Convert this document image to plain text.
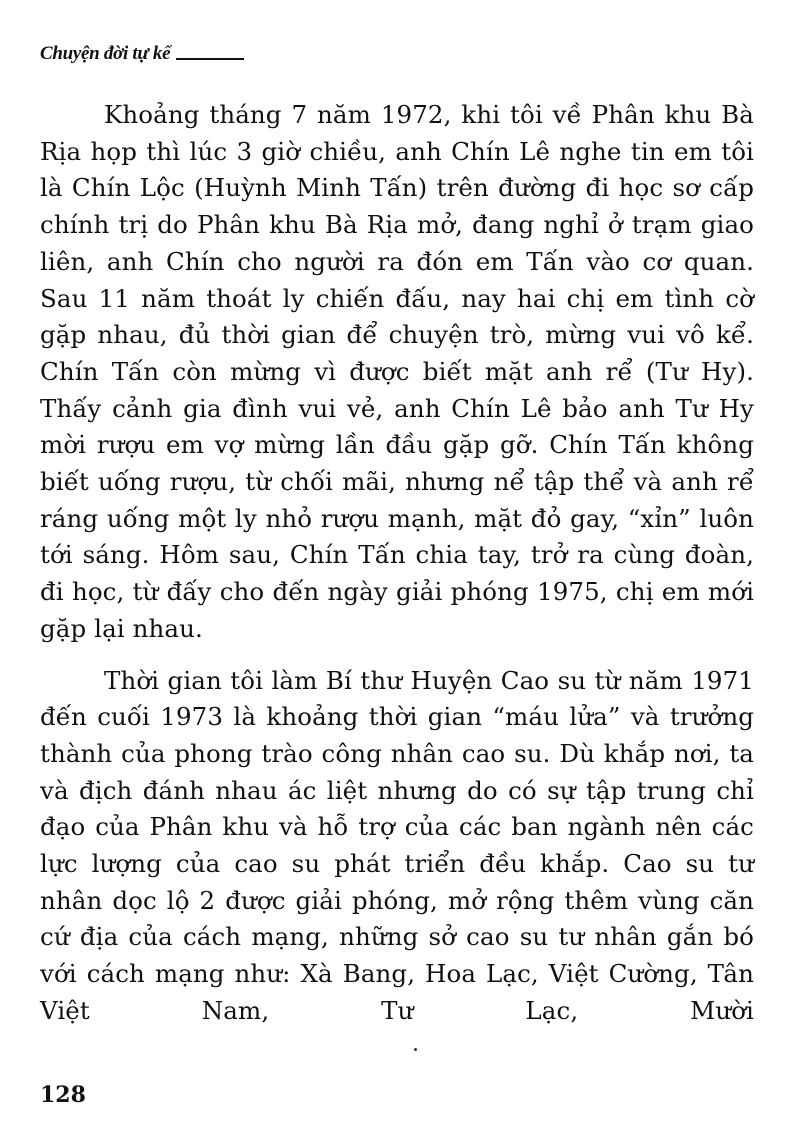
Chuyện đời tự kể

Khoảng tháng 7 năm 1972, khi tôi về Phân khu Bà Rịa họp thì lúc 3 giờ chiều, anh Chín Lê nghe tin em tôi là Chín Lộc (Huỳnh Minh Tấn) trên đường đi học sơ cấp chính trị do Phân khu Bà Rịa mở, đang nghỉ ở trạm giao liên, anh Chín cho người ra đón em Tấn vào cơ quan. Sau 11 năm thoát ly chiến đấu, nay hai chị em tình cờ gặp nhau, đủ thời gian để chuyện trò, mừng vui vô kể. Chín Tấn còn mừng vì được biết mặt anh rể (Tư Hy). Thấy cảnh gia đình vui vẻ, anh Chín Lê bảo anh Tư Hy mời rượu em vợ mừng lần đầu gặp gỡ. Chín Tấn không biết uống rượu, từ chối mãi, nhưng nể tập thể và anh rể ráng uống một ly nhỏ rượu mạnh, mặt đỏ gay, “xỉn” luôn tới sáng. Hôm sau, Chín Tấn chia tay, trở ra cùng đoàn, đi học, từ đấy cho đến ngày giải phóng 1975, chị em mới gặp lại nhau.

Thời gian tôi làm Bí thư Huyện Cao su từ năm 1971 đến cuối 1973 là khoảng thời gian “máu lửa” và trưởng thành của phong trào công nhân cao su. Dù khắp nơi, ta và địch đánh nhau ác liệt nhưng do có sự tập trung chỉ đạo của Phân khu và hỗ trợ của các ban ngành nên các lực lượng của cao su phát triển đều khắp. Cao su tư nhân dọc lộ 2 được giải phóng, mở rộng thêm vùng căn cứ địa của cách mạng, những sở cao su tư nhân gắn bó với cách mạng như: Xà Bang, Hoa Lạc, Việt Cường, Tân Việt Nam, Tư Lạc, Mười

128
